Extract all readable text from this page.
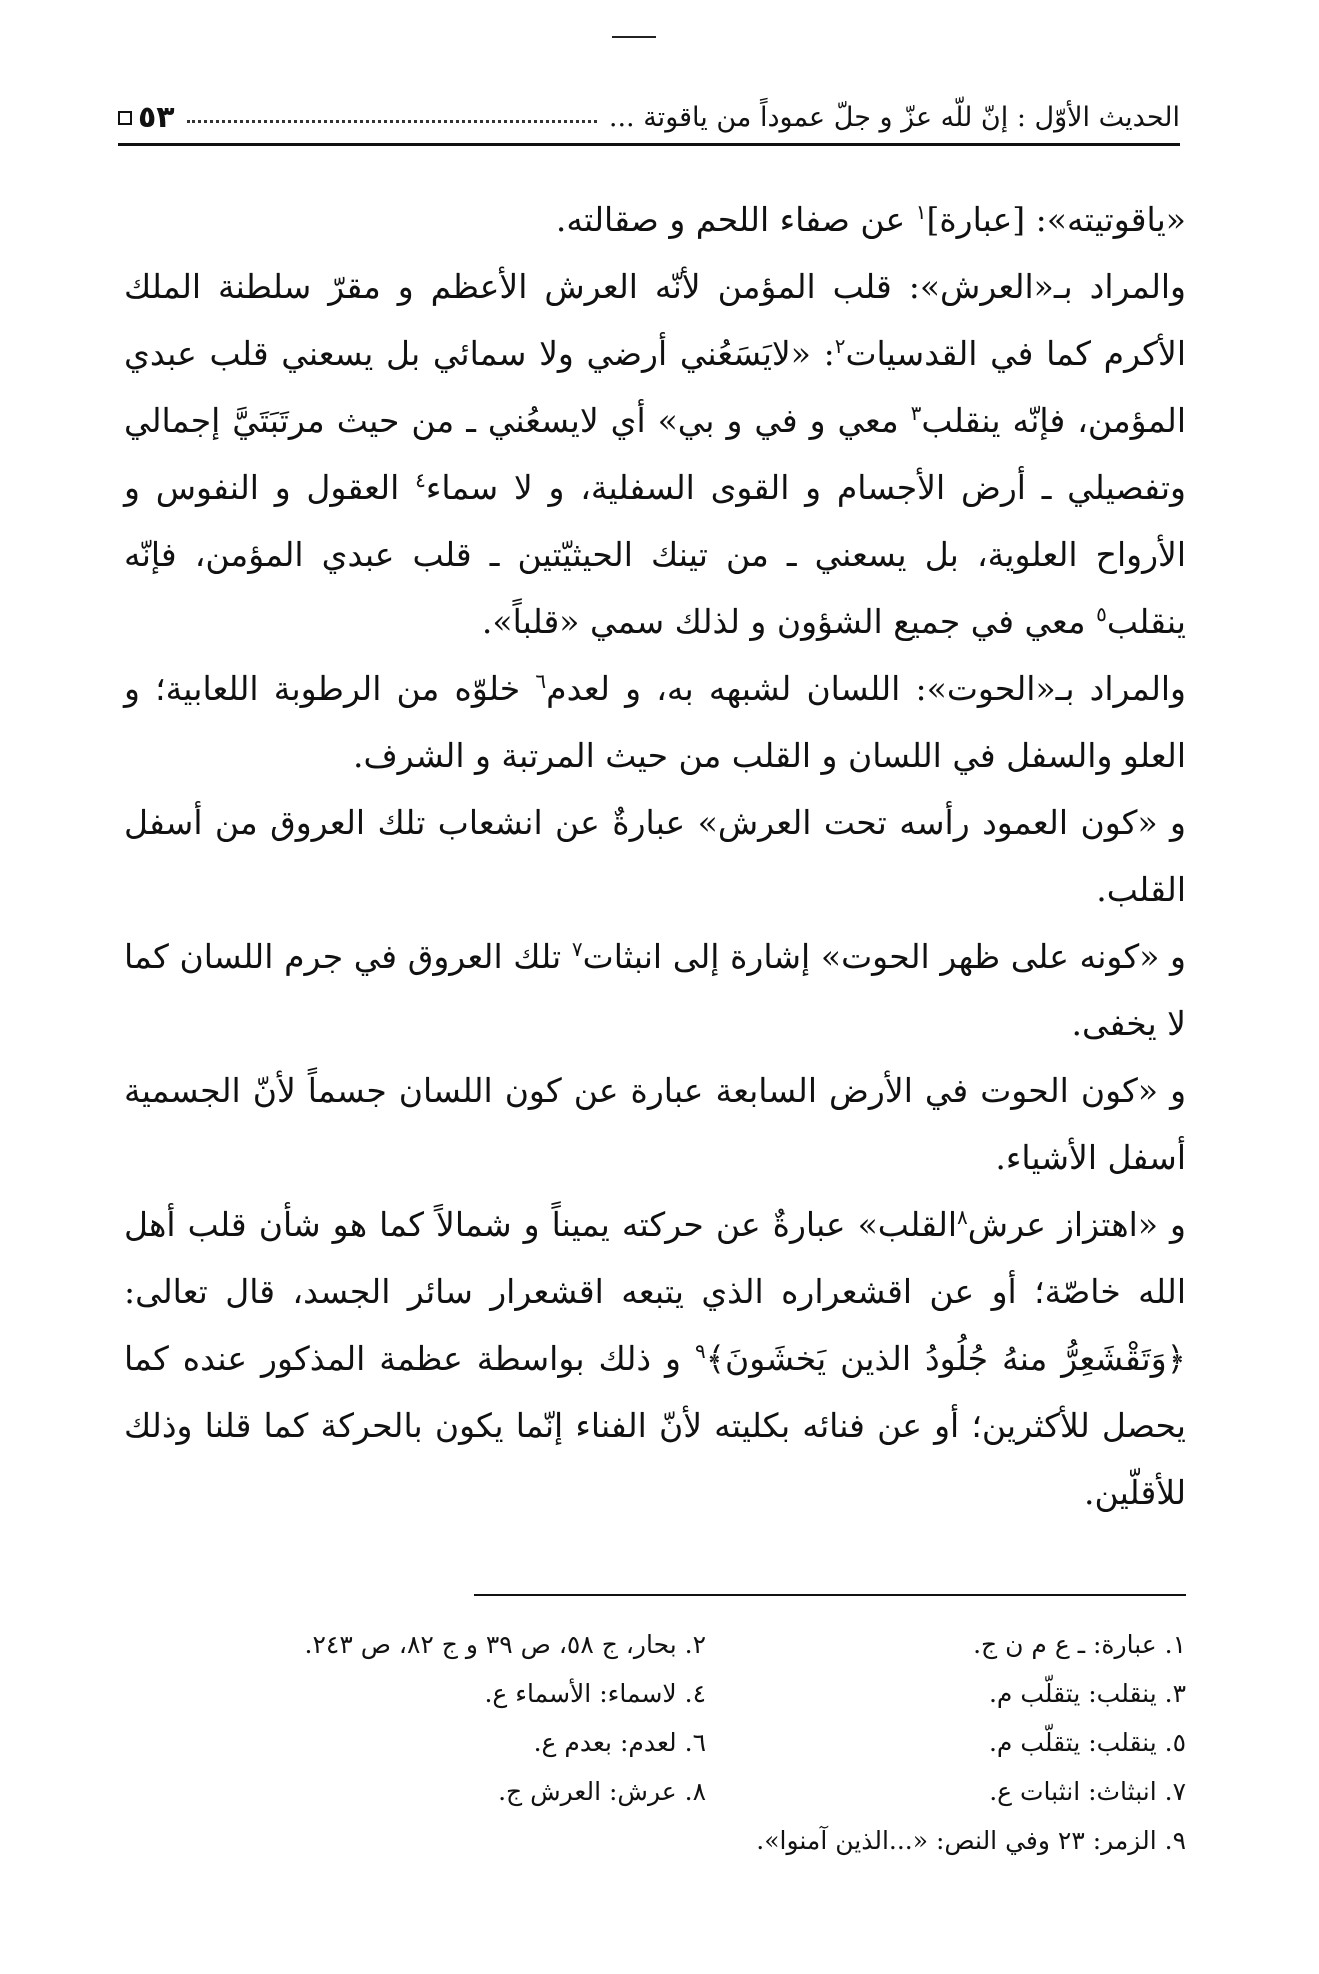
الحديث الأوّل : إنّ للّه عزّ و جلّ عموداً من ياقوتة ...
٥٣

«ياقوتيته»: [عبارة]$^١$ عن صفاء اللحم و صقالته.

والمراد بـ«العرش»: قلب المؤمن لأنّه العرش الأعظم و مقرّ سلطنة الملك الأكرم كما في القدسيات$^٢$: «لايَسَعُني أرضي ولا سمائي بل يسعني قلب عبدي المؤمن، فإنّه ينقلب$^٣$ معي و في و بي» أي لايسعُني ـ من حيث مرتَبَتَيَّ إجمالي وتفصيلي ـ أرض الأجسام و القوى السفلية، و لا سماء$^٤$ العقول و النفوس و الأرواح العلوية، بل يسعني ـ من تينك الحيثيّتين ـ قلب عبدي المؤمن، فإنّه ينقلب$^٥$ معي في جميع الشؤون و لذلك سمي «قلباً».

والمراد بـ«الحوت»: اللسان لشبهه به، و لعدم$^٦$ خلوّه من الرطوبة اللعابية؛ و العلو والسفل في اللسان و القلب من حيث المرتبة و الشرف.

و «كون العمود رأسه تحت العرش» عبارةٌ عن انشعاب تلك العروق من أسفل القلب.

و «كونه على ظهر الحوت» إشارة إلى انبثات$^٧$ تلك العروق في جرم اللسان كما لا يخفى.

و «كون الحوت في الأرض السابعة عبارة عن كون اللسان جسماً لأنّ الجسمية أسفل الأشياء.

و «اهتزاز عرش$^٨$القلب» عبارةٌ عن حركته يميناً و شمالاً كما هو شأن قلب أهل الله خاصّة؛ أو عن اقشعراره الذي يتبعه اقشعرار سائر الجسد، قال تعالى: ﴿وَتَقْشَعِرُّ منهُ جُلُودُ الذين يَخشَونَ﴾$^٩$ و ذلك بواسطة عظمة المذكور عنده كما يحصل للأكثرين؛ أو عن فنائه بكليته لأنّ الفناء إنّما يكون بالحركة كما قلنا وذلك للأقلّين.

١. عبارة: ـ ع م ن ج.
٢. بحار، ج ٥٨، ص ٣٩ و ج ٨٢، ص ٢٤٣.
٣. ينقلب: يتقلّب م.
٤. لاسماء: الأسماء ع.
٥. ينقلب: يتقلّب م.
٦. لعدم: بعدم ع.
٧. انبثاث: انثبات ع.
٨. عرش: العرش ج.
٩. الزمر: ٢٣ وفي النص: «...الذين آمنوا».
